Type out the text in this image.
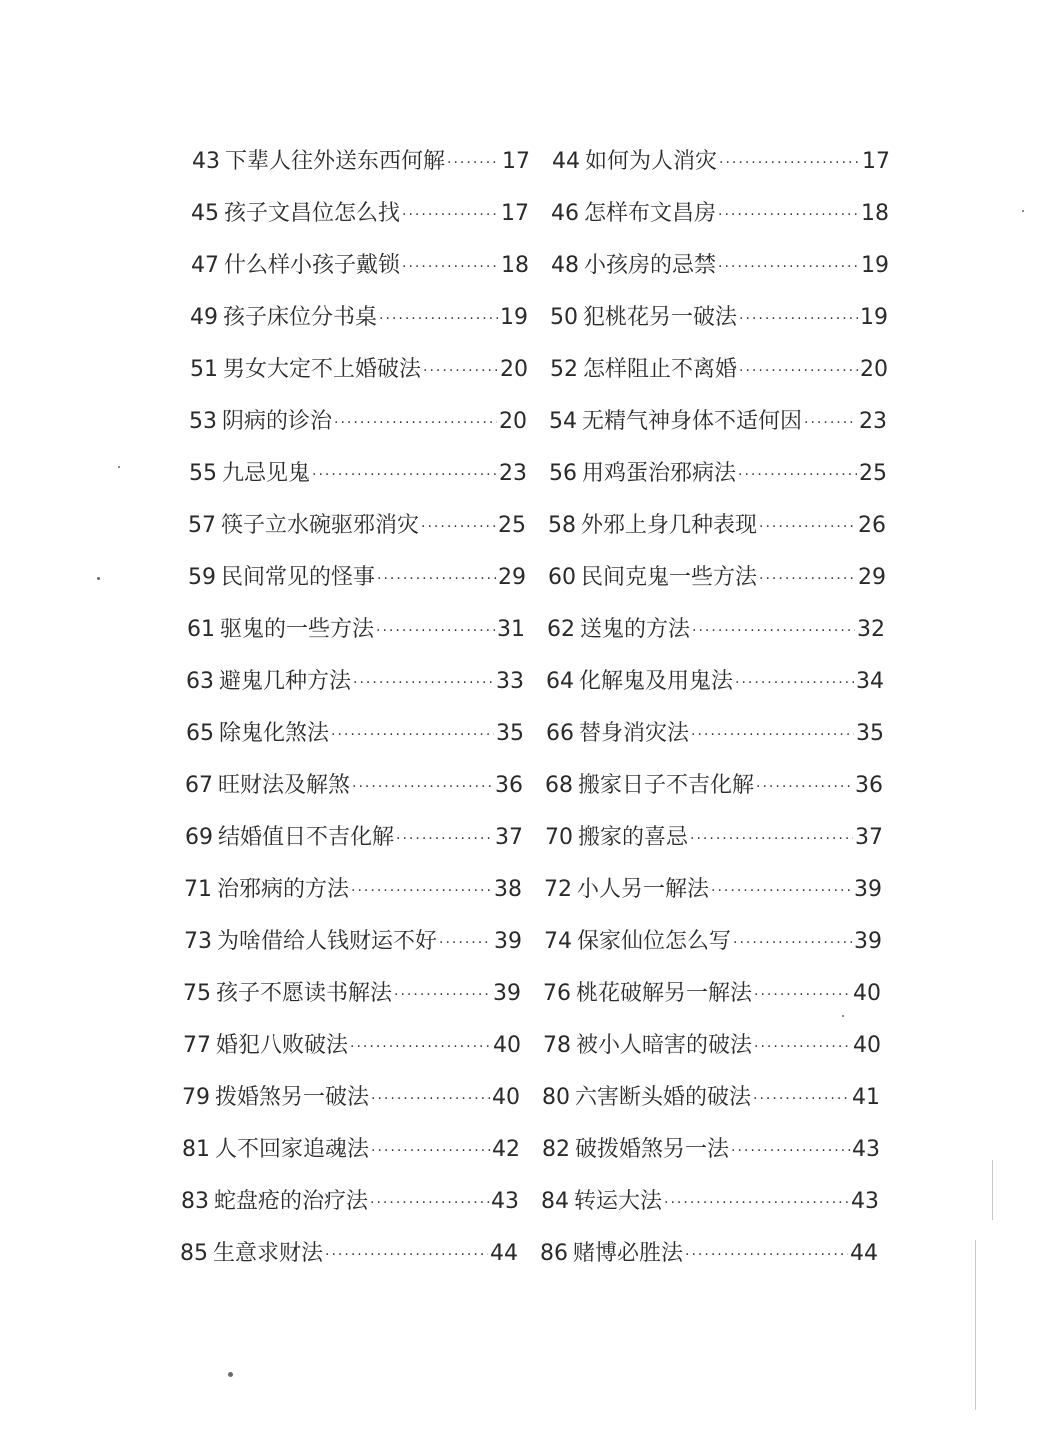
43 下辈人往外送东西何解 ·····	17 44 如何为人消灾 ·····	17
45 孩子文昌位怎么找 ·····	17 46 怎样布文昌房 ·····	18
47 什么样小孩子戴锁 ·····	18 48 小孩房的忌禁 ·····	19
49 孩子床位分书桌 ·····	19 50 犯桃花另一破法 ·····	19
51 男女大定不上婚破法 ·····	20 52 怎样阻止不离婚 ·····	20
53 阴病的诊治 ·····	20 54 无精气神身体不适何因 ·····	23
55 九忌见鬼 ·····	23 56 用鸡蛋治邪病法 ·····	25
57 筷子立水碗驱邪消灾 ·····	25 58 外邪上身几种表现 ·····	26
59 民间常见的怪事 ·····	29 60 民间克鬼一些方法 ·····	29
61 驱鬼的一些方法 ·····	31 62 送鬼的方法 ·····	32
63 避鬼几种方法 ·····	33 64 化解鬼及用鬼法 ·····	34
65 除鬼化煞法 ·····	35 66 替身消灾法 ·····	35
67 旺财法及解煞 ·····	36 68 搬家日子不吉化解 ·····	36
69 结婚值日不吉化解 ·····	37 70 搬家的喜忌 ·····	37
71 治邪病的方法 ·····	38 72 小人另一解法 ·····	39
73 为啥借给人钱财运不好 ·····	39 74 保家仙位怎么写 ·····	39
75 孩子不愿读书解法 ·····	39 76 桃花破解另一解法 ·····	40
77 婚犯八败破法 ·····	40 78 被小人暗害的破法 ·····	40
79 拨婚煞另一破法 ·····	40 80 六害断头婚的破法 ·····	41
81 人不回家追魂法 ·····	42 82 破拨婚煞另一法 ·····	43
83 蛇盘疮的治疗法 ·····	43 84 转运大法 ·····	43
85 生意求财法 ·····	44 86 赌博必胜法 ·····	44
